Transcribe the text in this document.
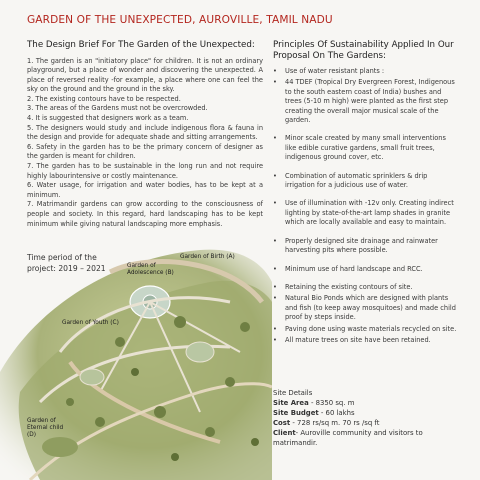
GARDEN OF THE UNEXPECTED, AUROVILLE, TAMIL NADU
The Design Brief For The Garden of the Unexpected:

1. The garden is an "initiatory place" for children. It is not an ordinary playground, but a place of wonder and discovering the unexpected. A place of reversed reality -for example, a place where one can feel the sky on the ground and the ground in the sky.

2. The existing contours have to be respected.

3. The areas of the Gardens must not be overcrowded.

4. It is suggested that designers work as a team.

5. The designers would study and include indigenous flora & fauna in the design and provide for adequate shade and sitting arrangements.

6. Safety in the garden has to be the primary concern of designer as the garden is meant for children.

7. The garden has to be sustainable in the long run and not require highly labourintensive or costly maintenance.

6. Water usage, for irrigation and water bodies, has to be kept at a minimum.

7. Matrimandir gardens can grow according to the consciousness of people and society. In this regard, hard landscaping has to be kept minimum while giving natural landscaping more emphasis.

Principles Of Sustainability Applied In Our Proposal On The Gardens:
• Use of water resistant plants :
• 44 TDEF (Tropical Dry Evergreen Forest, Indigenous to the south eastern coast of India) bushes and trees (5-10 m high) were planted as the first step creating the overall major musical scale of the garden.
• Minor scale created by many small interventions like edible curative gardens, small fruit trees, indigenous ground cover, etc.
• Combination of automatic sprinklers & drip irrigation for a judicious use of water.
• Use of illumination with -12v only. Creating indirect lighting by state-of-the-art lamp shades in granite which are locally available and easy to maintain.
• Properly designed site drainage and rainwater harvesting pits where possible.
• Minimum use of hard landscape and RCC.
• Retaining the existing contours of site.
• Natural Bio Ponds which are designed with plants and fish (to keep away mosquitoes) and made child proof by steps inside.
• Paving done using waste materials recycled on site.
• All mature trees on site have been retained.
Time period of the project: 2019 – 2021
Garden of Birth (A)
Garden of Adolescence (B)
Garden of Youth (C)
Garden of Eternal child (D)
Site Details
Site Area - 8350 sq. m
Site Budget - 60 lakhs
Cost - 728 rs/sq m. 70 rs /sq ft
Client- Auroville community and visitors to matrimandir.
